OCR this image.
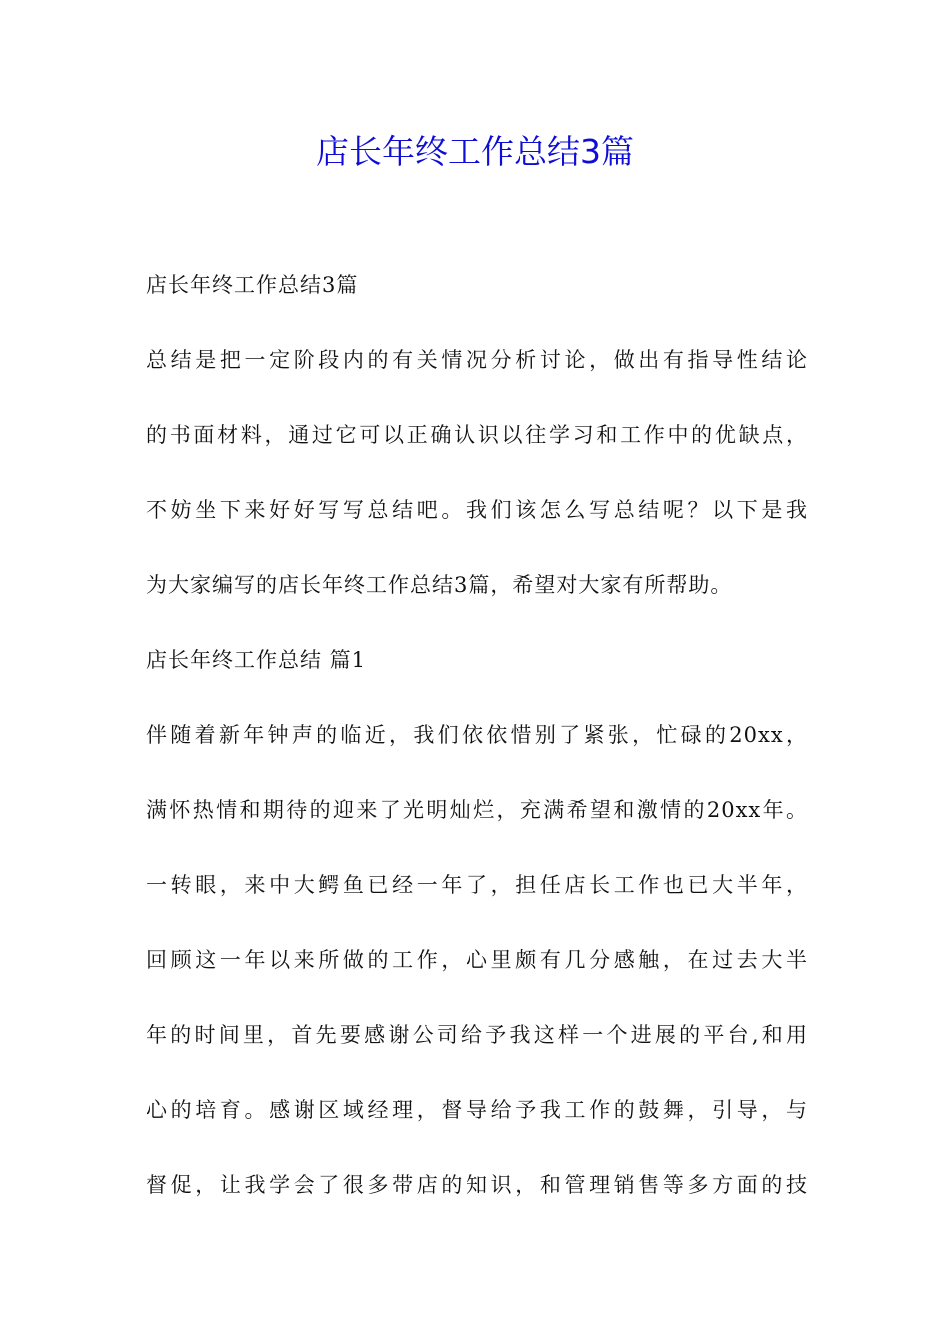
店长年终工作总结3篇
店长年终工作总结3篇
总结是把一定阶段内的有关情况分析讨论，做出有指导性结论
的书面材料，通过它可以正确认识以往学习和工作中的优缺点，
不妨坐下来好好写写总结吧。我们该怎么写总结呢？以下是我
为大家编写的店长年终工作总结3篇，希望对大家有所帮助。
店长年终工作总结 篇1
伴随着新年钟声的临近，我们依依惜别了紧张，忙碌的20xx，
满怀热情和期待的迎来了光明灿烂，充满希望和激情的20xx年。
一转眼，来中大鳄鱼已经一年了，担任店长工作也已大半年，
回顾这一年以来所做的工作，心里颇有几分感触，在过去大半
年的时间里，首先要感谢公司给予我这样一个进展的平台,和用
心的培育。感谢区域经理，督导给予我工作的鼓舞，引导，与
督促，让我学会了很多带店的知识，和管理销售等多方面的技
